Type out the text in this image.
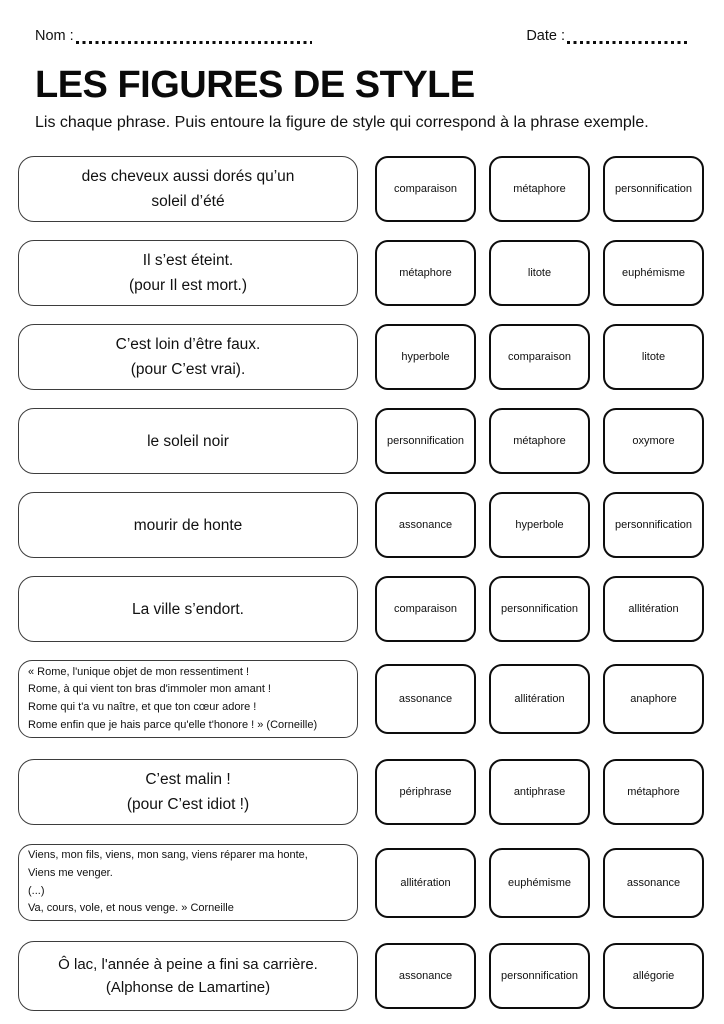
Nom :	Date :
LES FIGURES DE STYLE

Lis chaque phrase. Puis entoure la figure de style qui correspond à la phrase exemple.

des cheveux aussi dorés qu’un
soleil d’été
comparaison	métaphore	personnification
Il s’est éteint.
(pour Il est mort.)
métaphore	litote	euphémisme
C’est loin d’être faux.
(pour C’est vrai).
hyperbole	comparaison	litote
le soleil noir	personnification	métaphore	oxymore
mourir de honte	assonance	hyperbole	personnification
La ville s’endort.	comparaison	personnification	allitération
« Rome, l'unique objet de mon ressentiment !
Rome, à qui vient ton bras d'immoler mon amant !
Rome qui t'a vu naître, et que ton cœur adore !
Rome enfin que je hais parce qu'elle t'honore ! » (Corneille)
assonance	allitération	anaphore
C’est malin !
(pour C’est idiot !)
périphrase	antiphrase	métaphore
Viens, mon fils, viens, mon sang, viens réparer ma honte,
Viens me venger.
(...)
Va, cours, vole, et nous venge. » Corneille
allitération	euphémisme	assonance
Ô lac, l'année à peine a fini sa carrière.
(Alphonse de Lamartine)
assonance	personnification	allégorie
